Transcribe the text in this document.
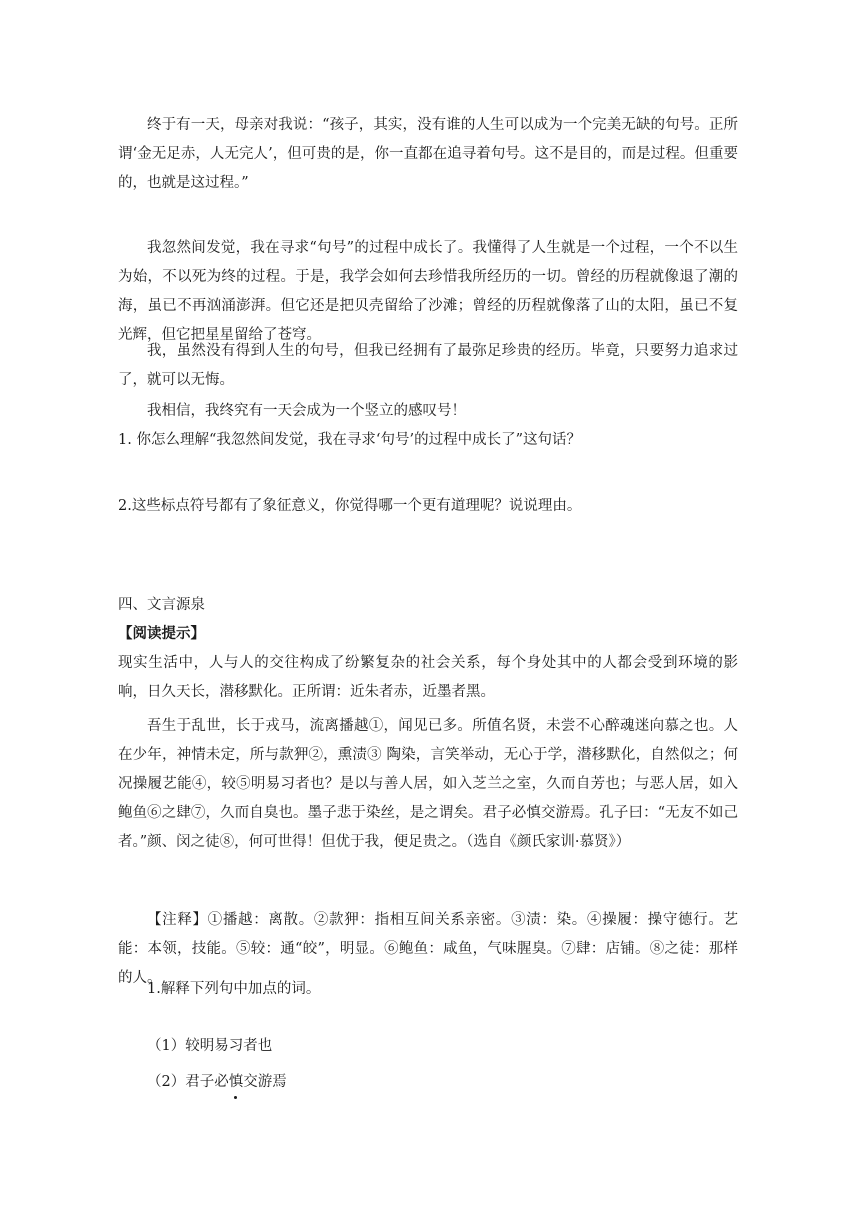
终于有一天，母亲对我说：“孩子，其实，没有谁的人生可以成为一个完美无缺的句号。正所谓‘金无足赤，人无完人’，但可贵的是，你一直都在追寻着句号。这不是目的，而是过程。但重要的，也就是这过程。”

我忽然间发觉，我在寻求“句号”的过程中成长了。我懂得了人生就是一个过程，一个不以生为始，不以死为终的过程。于是，我学会如何去珍惜我所经历的一切。曾经的历程就像退了潮的海，虽已不再汹涌澎湃。但它还是把贝壳留给了沙滩；曾经的历程就像落了山的太阳，虽已不复光辉，但它把星星留给了苍穹。

我，虽然没有得到人生的句号，但我已经拥有了最弥足珍贵的经历。毕竟，只要努力追求过了，就可以无悔。

我相信，我终究有一天会成为一个竖立的感叹号！

1. 你怎么理解“我忽然间发觉，我在寻求‘句号’的过程中成长了”这句话？

2.这些标点符号都有了象征意义，你觉得哪一个更有道理呢？说说理由。

四、文言源泉

【阅读提示】

现实生活中，人与人的交往构成了纷繁复杂的社会关系，每个身处其中的人都会受到环境的影响，日久天长，潜移默化。正所谓：近朱者赤，近墨者黑。

吾生于乱世，长于戎马，流离播越①，闻见已多。所值名贤，未尝不心醉魂迷向慕之也。人在少年，神情未定，所与款狎②，熏渍③ 陶染，言笑举动，无心于学，潜移默化，自然似之；何况操履艺能④，较⑤明易习者也？是以与善人居，如入芝兰之室，久而自芳也；与恶人居，如入鲍鱼⑥之肆⑦，久而自臭也。墨子悲于染丝，是之谓矣。君子必慎交游焉。孔子曰：“无友不如己者。”颜、闵之徒⑧，何可世得！但优于我，便足贵之。（选自《颜氏家训·慕贤》）

【注释】①播越：离散。②款狎：指相互间关系亲密。③渍：染。④操履：操守德行。艺能：本领，技能。⑤较：通“皎”，明显。⑥鲍鱼：咸鱼，气味腥臭。⑦肆：店铺。⑧之徒：那样的人。

1.解释下列句中加点的词。

（1）较明易习者也

（2）君子必慎交游焉
